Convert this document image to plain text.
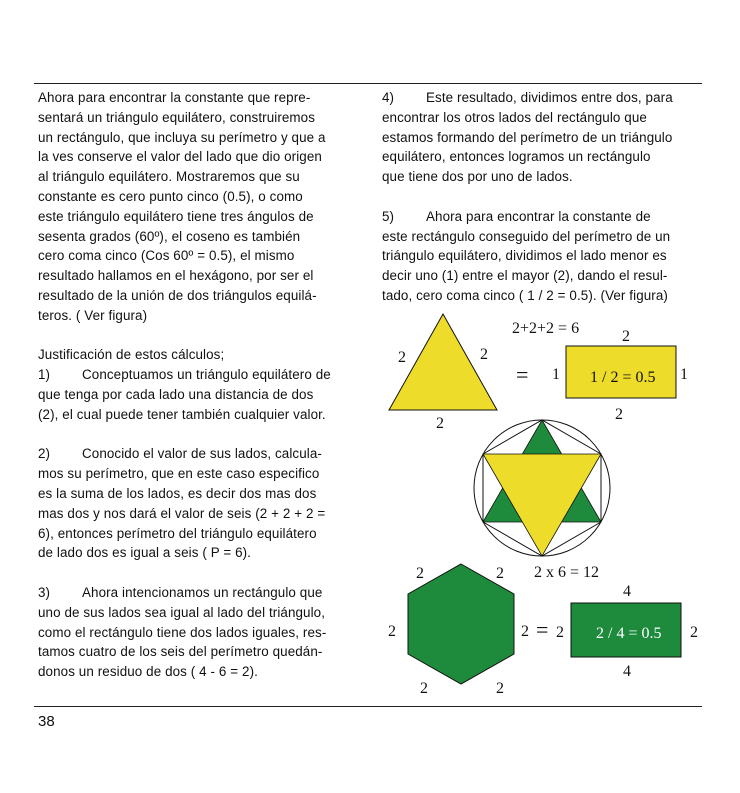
Ahora para encontrar la constante que repre-
sentará un triángulo equilátero, construiremos
un rectángulo, que incluya su perímetro y que a
la ves conserve el valor del lado que dio origen
al triángulo equilátero. Mostraremos que su
constante es cero punto cinco (0.5), o como
este triángulo equilátero tiene tres ángulos de
sesenta grados (60º), el coseno es también
cero coma cinco (Cos 60º = 0.5), el mismo
resultado hallamos en el hexágono, por ser el
resultado de la unión de dos triángulos equilá-
teros. ( Ver figura)

Justificación de estos cálculos;
1) Conceptuamos un triángulo equilátero de
que tenga por cada lado una distancia de dos
(2), el cual puede tener también cualquier valor.

2) Conocido el valor de sus lados, calcula-
mos su perímetro, que en este caso especifico
es la suma de los lados, es decir dos mas dos
mas dos y nos dará el valor de seis (2 + 2 + 2 =
6), entonces perímetro del triángulo equilátero
de lado dos es igual a seis ( P = 6).

3) Ahora intencionamos un rectángulo que
uno de sus lados sea igual al lado del triángulo,
como el rectángulo tiene dos lados iguales, res-
tamos cuatro de los seis del perímetro quedán-
donos un residuo de dos ( 4 - 6 = 2).

4) Este resultado, dividimos entre dos, para
encontrar los otros lados del rectángulo que
estamos formando del perímetro de un triángulo
equilátero, entonces logramos un rectángulo
que tiene dos por uno de lados.

5) Ahora para encontrar la constante de
este rectángulo conseguido del perímetro de un
triángulo equilátero, dividimos el lado menor es
decir uno (1) entre el mayor (2), dando el resul-
tado, cero coma cinco ( 1 / 2 = 0.5). (Ver figura)

2	2
2
2+2+2 = 6
=
2
2
1	1
1 / 2 = 0.5
2 x 6 = 12
2	2
2	2
2	2
=
4
4
2	2
2 / 4 = 0.5
38
